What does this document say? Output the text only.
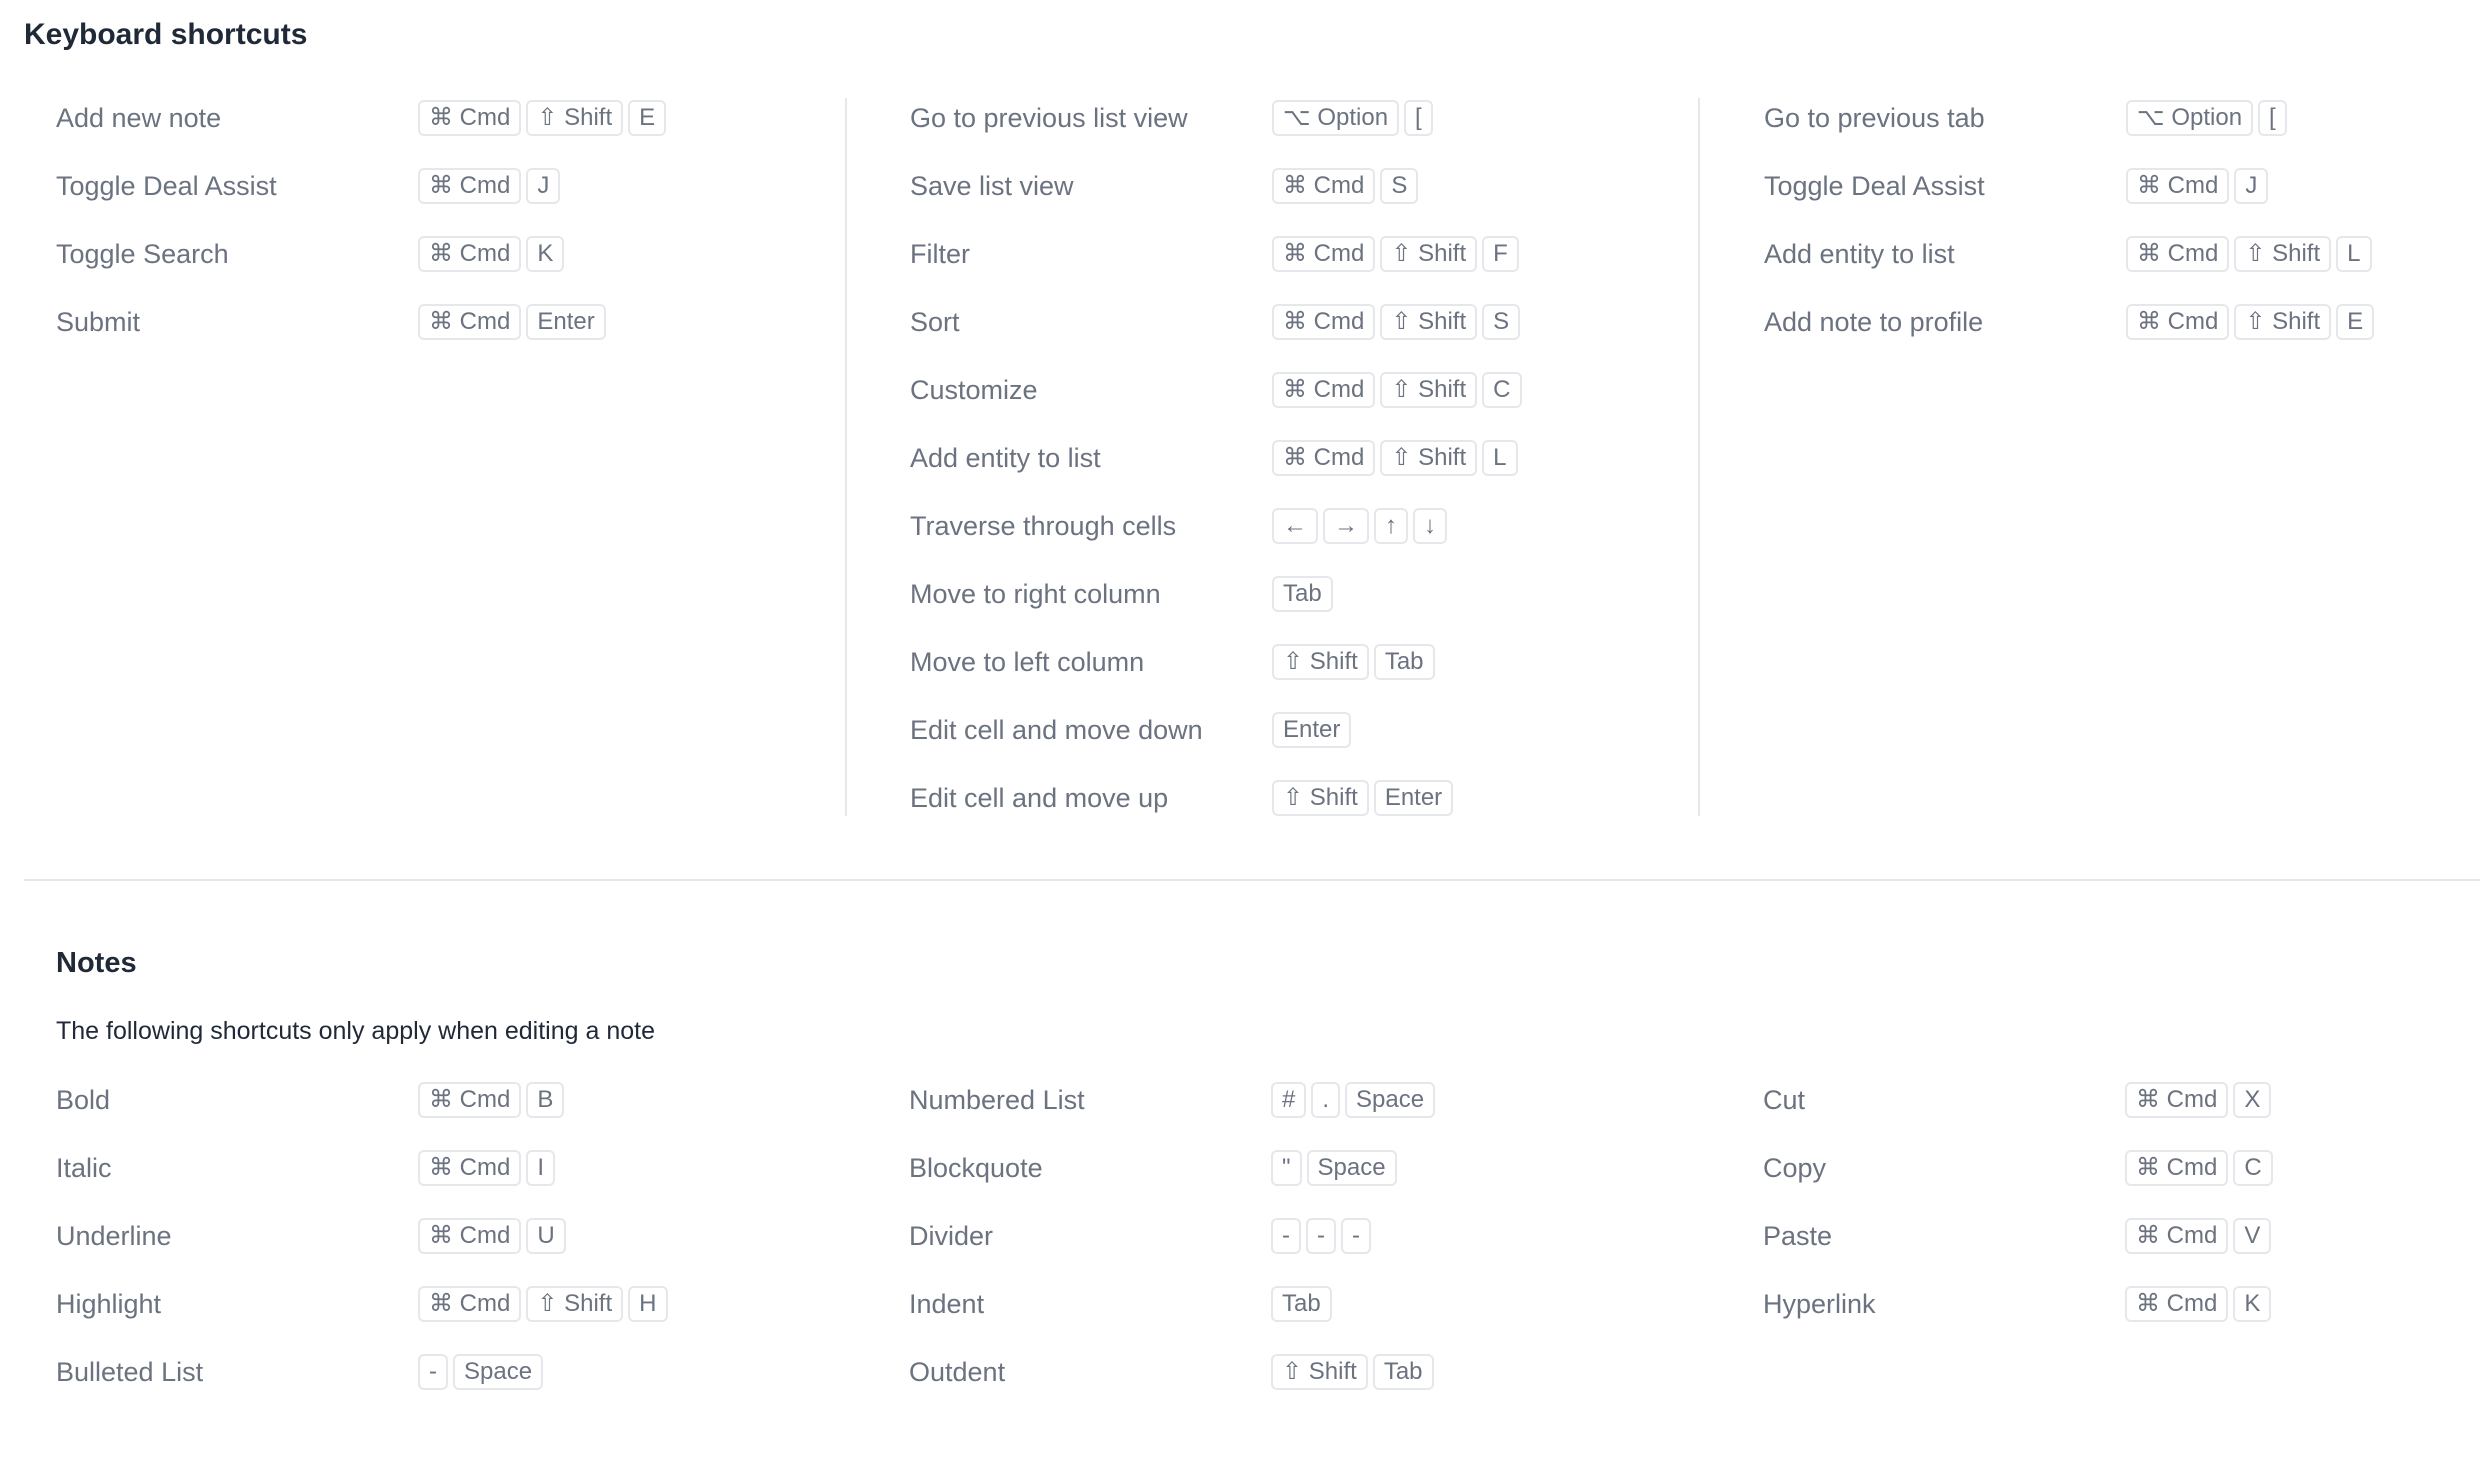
Keyboard shortcuts
Add new note	⌘ Cmd	⇧ Shift	E
Toggle Deal Assist	⌘ Cmd	J
Toggle Search	⌘ Cmd	K
Submit	⌘ Cmd	Enter
Go to previous list view	⌥ Option	[
Save list view	⌘ Cmd	S
Filter	⌘ Cmd	⇧ Shift	F
Sort	⌘ Cmd	⇧ Shift	S
Customize	⌘ Cmd	⇧ Shift	C
Add entity to list	⌘ Cmd	⇧ Shift	L
Traverse through cells	←	→	↑	↓
Move to right column	Tab
Move to left column	⇧ Shift	Tab
Edit cell and move down	Enter
Edit cell and move up	⇧ Shift	Enter
Go to previous tab	⌥ Option	[
Toggle Deal Assist	⌘ Cmd	J
Add entity to list	⌘ Cmd	⇧ Shift	L
Add note to profile	⌘ Cmd	⇧ Shift	E
Notes
The following shortcuts only apply when editing a note
Bold	⌘ Cmd	B
Italic	⌘ Cmd	I
Underline	⌘ Cmd	U
Highlight	⌘ Cmd	⇧ Shift	H
Bulleted List	-	Space
Numbered List	#	.	Space
Blockquote	"	Space
Divider	-	-	-
Indent	Tab
Outdent	⇧ Shift	Tab
Cut	⌘ Cmd	X
Copy	⌘ Cmd	C
Paste	⌘ Cmd	V
Hyperlink	⌘ Cmd	K
